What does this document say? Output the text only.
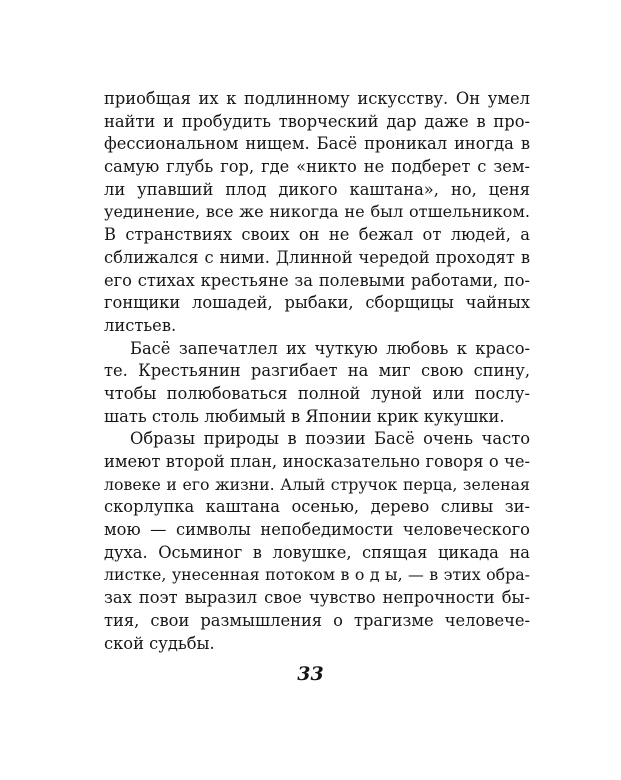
приобщая их к подлинному искусству. Он умел
найти и пробудить творческий дар даже в про-
фессиональном нищем. Басё проникал иногда в
самую глубь гор, где «никто не подберет с зем-
ли упавший плод дикого каштана», но, ценя
уединение, все же никогда не был отшельником.
В странствиях своих он не бежал от людей, а
сближался с ними. Длинной чередой проходят в
его стихах крестьяне за полевыми работами, по-
гонщики лошадей, рыбаки, сборщицы чайных
листьев.
Басё запечатлел их чуткую любовь к красо-
те. Крестьянин разгибает на миг свою спину,
чтобы полюбоваться полной луной или послу-
шать столь любимый в Японии крик кукушки.
Образы природы в поэзии Басё очень часто
имеют второй план, иносказательно говоря о че-
ловеке и его жизни. Алый стручок перца, зеленая
скорлупка каштана осенью, дерево сливы зи-
мою — символы непобедимости человеческого
духа. Осьминог в ловушке, спящая цикада на
листке, унесенная потоком в о д ы, — в этих обра-
зах поэт выразил свое чувство непрочности бы-
тия, свои размышления о трагизме человече-
ской судьбы.
33
